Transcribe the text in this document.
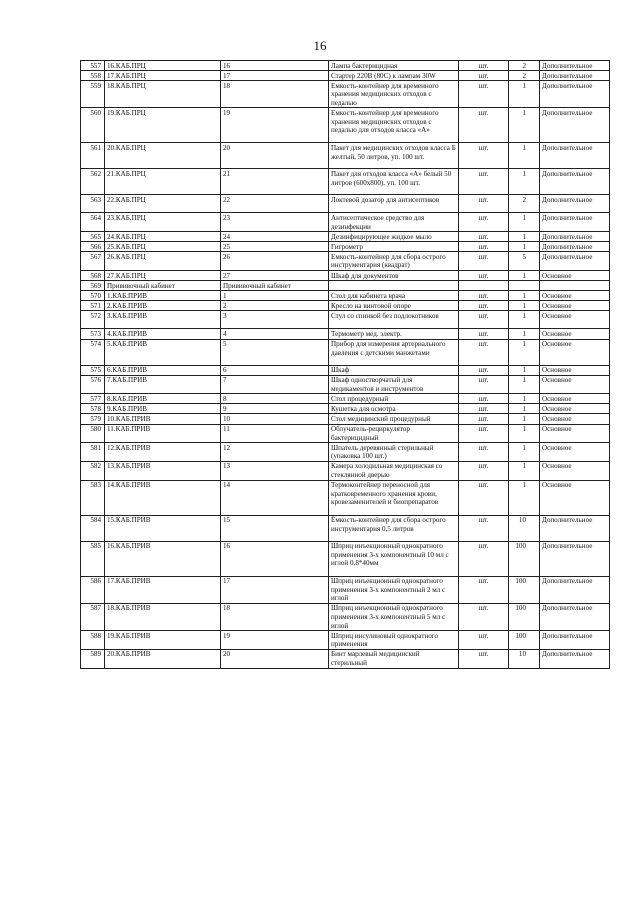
16
557	16.КАБ.ПРЦ	16	Лампа бактерицидная	шт.	2	Дополнительное
558	17.КАБ.ПРЦ	17	Стартер 220В (80С) к лампам 30W	шт.	2	Дополнительное
559	18.КАБ.ПРЦ	18	Емкость-контейнер для временного хранения медицинских отходов с педалью	шт.	1	Дополнительное
560	19.КАБ.ПРЦ	19	Емкость-контейнер для временного хранения медицинских отходов с педалью для отходов класса «А»	шт.	1	Дополнительное
561	20.КАБ.ПРЦ	20	Пакет для медицинских отходов класса Б желтый, 50 литров, уп. 100 шт.	шт.	1	Дополнительное
562	21.КАБ.ПРЦ	21	Пакет для отходов класса «А» белый 50 литров (600х800), уп. 100 шт.	шт.	1	Дополнительное
563	22.КАБ.ПРЦ	22	Локтевой дозатор для антисептиков	шт.	2	Дополнительное
564	23.КАБ.ПРЦ	23	Антисептическое средство для дезинфекции	шт.	1	Дополнительное
565	24.КАБ.ПРЦ	24	Дезинфицирующее жидкое мыло	шт.	1	Дополнительное
566	25.КАБ.ПРЦ	25	Гигрометр	шт.	1	Дополнительное
567	26.КАБ.ПРЦ	26	Емкость-контейнер для сбора острого инструментария (квадрат)	шт.	5	Дополнительное
568	27.КАБ.ПРЦ	27	Шкаф для документов	шт.	1	Основное
569	Прививочный кабинет	Прививочный кабинет				
570	1.КАБ.ПРИВ	1	Стол для кабинета врача	шт.	1	Основное
571	2.КАБ.ПРИВ	2	Кресло на винтовой опоре	шт.	1	Основное
572	3.КАБ.ПРИВ	3	Стул со спинкой без подлокотников	шт.	1	Основное
573	4.КАБ.ПРИВ	4	Термометр мед. электр.	шт.	1	Основное
574	5.КАБ.ПРИВ	5	Прибор для измерения артериального давления с детскими манжетами	шт.	1	Основное
575	6.КАБ.ПРИВ	6	Шкаф	шт.	1	Основное
576	7.КАБ.ПРИВ	7	Шкаф одностворчатый для медикаментов и инструментов	шт.	1	Основное
577	8.КАБ.ПРИВ	8	Стол процедурный	шт.	1	Основное
578	9.КАБ.ПРИВ	9	Кушетка для осмотра	шт.	1	Основное
579	10.КАБ.ПРИВ	10	Стол медицинский процедурный	шт.	1	Основное
580	11.КАБ.ПРИВ	11	Облучатель-рециркулятор бактерицидный	шт.	1	Основное
581	12.КАБ.ПРИВ	12	Шпатель деревянный стерильный (упаковка 100 шт.)	шт.	1	Основное
582	13.КАБ.ПРИВ	13	Камера холодильная медицинская со стеклянной дверью	шт.	1	Основное
583	14.КАБ.ПРИВ	14	Термоконтейнер переносной для кратковременного хранения крови, кровезаменителей и биопрепаратов	шт.	1	Основное
584	15.КАБ.ПРИВ	15	Ёмкость-контейнер для сбора острого инструментария 0,5 литров	шт.	10	Дополнительное
585	16.КАБ.ПРИВ	16	Шприц инъекционный однократного применения 3-х компонентный 10 мл с иглой 0,8*40мм	шт.	100	Дополнительное
586	17.КАБ.ПРИВ	17	Шприц инъекционный однократного применения 3-х компонентный 2 мл с иглой	шт.	100	Дополнительное
587	18.КАБ.ПРИВ	18	Шприц инъекционный однократного применения 3-х компонентный 5 мл с иглой	шт.	100	Дополнительное
588	19.КАБ.ПРИВ	19	Шприц инсулиновый однократного применения	шт.	100	Дополнительное
589	20.КАБ.ПРИВ	20	Бинт марлевый медицинский стерильный	шт.	10	Дополнительное
